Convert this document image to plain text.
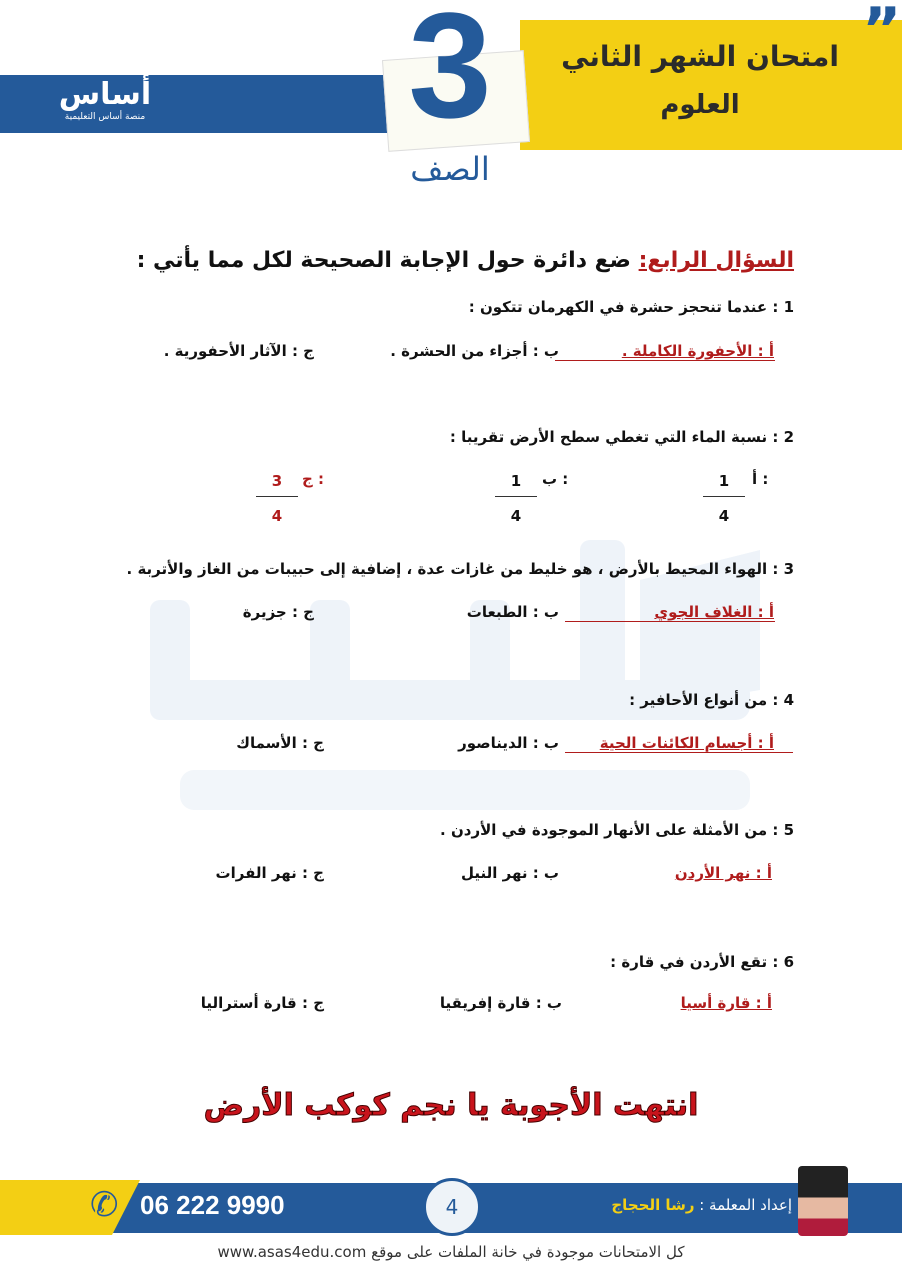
3
الصف
”
امتحان الشهر الثاني
العلوم
أساس
منصة أساس التعليمية
السؤال الرابع: ضع دائرة حول الإجابة الصحيحة لكل مما يأتي :
1 : عندما تنحجز حشرة في الكهرمان تتكون :
أ : الأحفورة الكاملة .
ب : أجزاء من الحشرة .
ج : الآثار الأحفورية .
2 : نسبة الماء التي تغطي سطح الأرض تقريبا :
أ :
1
4
ب :
1
4
ج :
3
4
3 : الهواء المحيط بالأرض ، هو خليط من غازات عدة ، إضافية إلى حبيبات من الغاز والأتربة .
أ : الغلاف الجوي
ب : الطبعات
ج : جزيرة
4 : من أنواع الأحافير :
أ : أجسام الكائنات الحية
ب : الديناصور
ج : الأسماك
5 : من الأمثلة على الأنهار الموجودة في الأردن .
أ : نهر الأردن
ب : نهر النيل
ج : نهر الفرات
6 : تقع الأردن في قارة :
أ : قارة أسيا
ب : قارة إفريقيا
ج : قارة أستراليا
انتهت الأجوبة يا نجم كوكب الأرض
✆ 06 222 9990	4	إعداد المعلمة : رشا الحجاج
كل الامتحانات موجودة في خانة الملفات على موقع www.asas4edu.com
